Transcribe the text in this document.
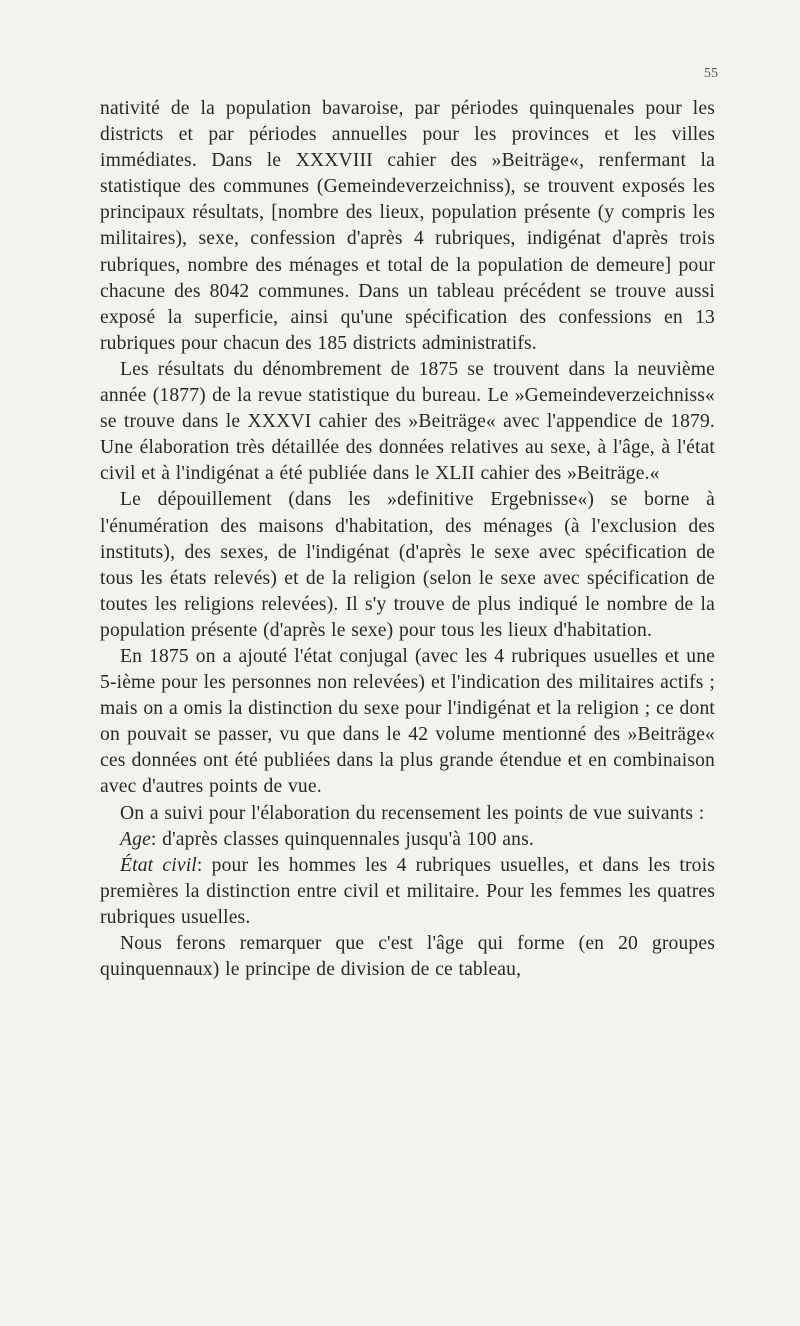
55

nativité de la population bavaroise, par périodes quinquenales pour les districts et par périodes annuelles pour les provinces et les villes immédiates. Dans le XXXVIII cahier des »Beiträge«, renfermant la statistique des communes (Gemeindeverzeichniss), se trouvent exposés les principaux résultats, [nombre des lieux, population présente (y compris les militaires), sexe, confession d'après 4 rubriques, indigénat d'après trois rubriques, nombre des ménages et total de la population de demeure] pour chacune des 8042 communes. Dans un tableau précédent se trouve aussi exposé la superficie, ainsi qu'une spécification des confessions en 13 rubriques pour chacun des 185 districts administratifs.

Les résultats du dénombrement de 1875 se trouvent dans la neuvième année (1877) de la revue statistique du bureau. Le »Gemeindeverzeichniss« se trouve dans le XXXVI cahier des »Beiträge« avec l'appendice de 1879. Une élaboration très détaillée des données relatives au sexe, à l'âge, à l'état civil et à l'indigénat a été publiée dans le XLII cahier des »Beiträge.«

Le dépouillement (dans les »definitive Ergebnisse«) se borne à l'énumération des maisons d'habitation, des ménages (à l'exclusion des instituts), des sexes, de l'indigénat (d'après le sexe avec spécification de tous les états relevés) et de la religion (selon le sexe avec spécification de toutes les religions relevées). Il s'y trouve de plus indiqué le nombre de la population présente (d'après le sexe) pour tous les lieux d'habitation.

En 1875 on a ajouté l'état conjugal (avec les 4 rubriques usuelles et une 5-ième pour les personnes non relevées) et l'indication des militaires actifs ; mais on a omis la distinction du sexe pour l'indigénat et la religion ; ce dont on pouvait se passer, vu que dans le 42 volume mentionné des »Beiträge« ces données ont été publiées dans la plus grande étendue et en combinaison avec d'autres points de vue.

On a suivi pour l'élaboration du recensement les points de vue suivants :

Age: d'après classes quinquennales jusqu'à 100 ans.

État civil: pour les hommes les 4 rubriques usuelles, et dans les trois premières la distinction entre civil et militaire. Pour les femmes les quatres rubriques usuelles.

Nous ferons remarquer que c'est l'âge qui forme (en 20 groupes quinquennaux) le principe de division de ce tableau,
